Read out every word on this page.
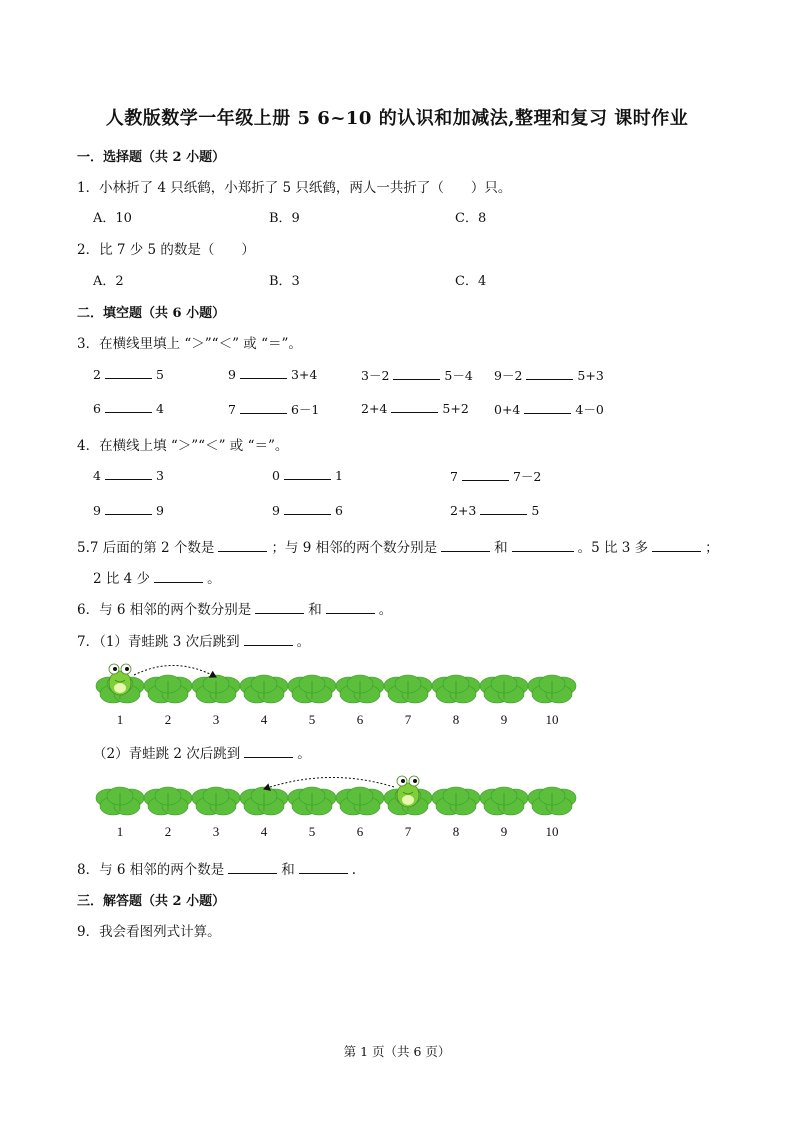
人教版数学一年级上册 5 6~10 的认识和加减法,整理和复习 课时作业
一．选择题（共 2 小题）
1．小林折了 4 只纸鹤，小郑折了 5 只纸鹤，两人一共折了（　　）只。
A．10	B．9	C．8
2．比 7 少 5 的数是（　　）
A．2	B．3	C．4
二．填空题（共 6 小题）
3．在横线里填上 “＞”“＜” 或 “＝”。
2	5	9	3+4	3－2	5－4 9－2	5+3
6	4	7	6－1	2+4	5+2 0+4	4－0
4．在横线上填 “＞”“＜” 或 “＝”。
4	3	0	1	7	7－2
9	9	9	6	2+3	5
5.7 后面的第 2 个数是	；与 9 相邻的两个数分别是	和	。5 比 3 多	；
2 比 4 少	。
6．与 6 相邻的两个数分别是	和	。
7．（1）青蛙跳 3 次后跳到	。
1	2	3	4	5	6	7	8	9	10
（2）青蛙跳 2 次后跳到	。
1	2	3	4	5	6	7	8	9	10
8．与 6 相邻的两个数是	和	.
三．解答题（共 2 小题）
9．我会看图列式计算。
第 1 页（共 6 页）
